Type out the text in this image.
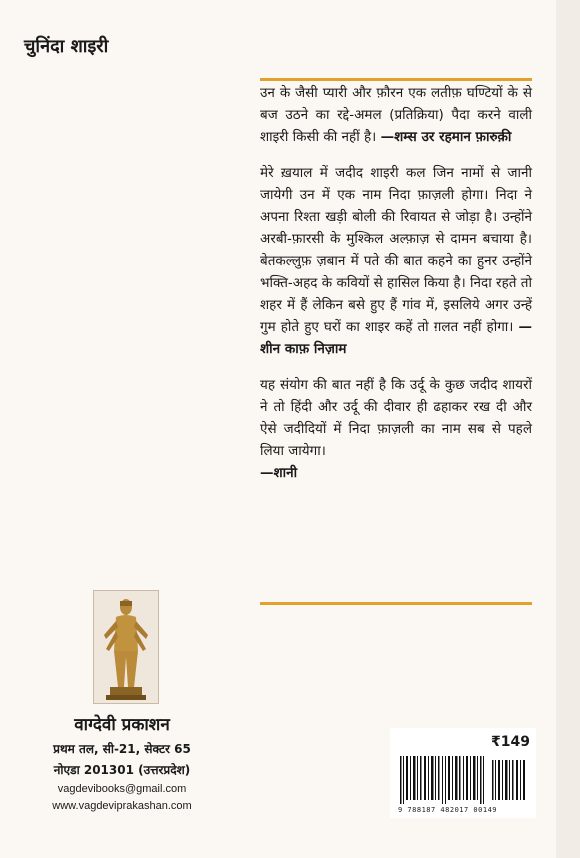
चुनिंदा शाइरी

उन के जैसी प्यारी और फ़ौरन एक लतीफ़ घण्टियों के से बज उठने का रद्दे-अमल (प्रतिक्रिया) पैदा करने वाली शाइरी किसी की नहीं है। —शम्स उर रहमान फ़ारुक़ी

मेरे ख़याल में जदीद शाइरी कल जिन नामों से जानी जायेगी उन में एक नाम निदा फ़ाज़ली होगा। निदा ने अपना रिश्ता खड़ी बोली की रिवायत से जोड़ा है। उन्होंने अरबी-फ़ारसी के मुश्किल अल्फ़ाज़ से दामन बचाया है। बेतकल्लुफ़ ज़बान में पते की बात कहने का हुनर उन्होंने भक्ति-अहद के कवियों से हासिल किया है। निदा रहते तो शहर में हैं लेकिन बसे हुए हैं गांव में, इसलिये अगर उन्हें गुम होते हुए घरों का शाइर कहें तो ग़लत नहीं होगा। —शीन काफ़ निज़ाम

यह संयोग की बात नहीं है कि उर्दू के कुछ जदीद शायरों ने तो हिंदी और उर्दू की दीवार ही ढहाकर रख दी और ऐसे जदीदियों में निदा फ़ाज़ली का नाम सब से पहले लिया जायेगा।

—शानी

वाग्देवी प्रकाशन
प्रथम तल, सी-21, सेक्टर 65
नोएडा 201301 (उत्तरप्रदेश)
vagdevibooks@gmail.com
www.vagdeviprakashan.com
₹149
9 788187 482017 00149
